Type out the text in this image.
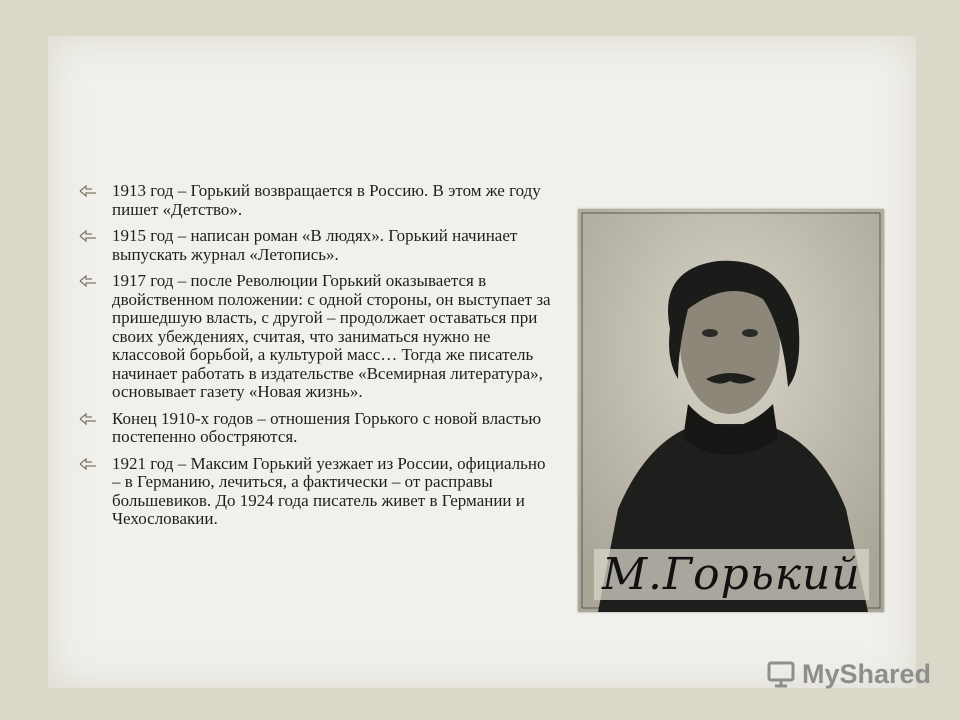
1913 год – Горький возвращается в Россию. В этом же году пишет «Детство».
1915 год – написан роман «В людях». Горький начинает выпускать журнал «Летопись».
1917 год – после Революции Горький оказывается в двойственном положении: с одной стороны, он выступает за пришедшую власть, с другой – продолжает оставаться при своих убеждениях, считая, что заниматься нужно не классовой борьбой, а культурой масс… Тогда же писатель начинает работать в издательстве «Всемирная литература», основывает газету «Новая жизнь».
Конец 1910-х годов – отношения Горького с новой властью постепенно обостряются.
1921 год – Максим Горький уезжает из России, официально – в Германию, лечиться, а фактически – от расправы большевиков. До 1924 года писатель живет в Германии и Чехословакии.
М.Горький
MyShared
